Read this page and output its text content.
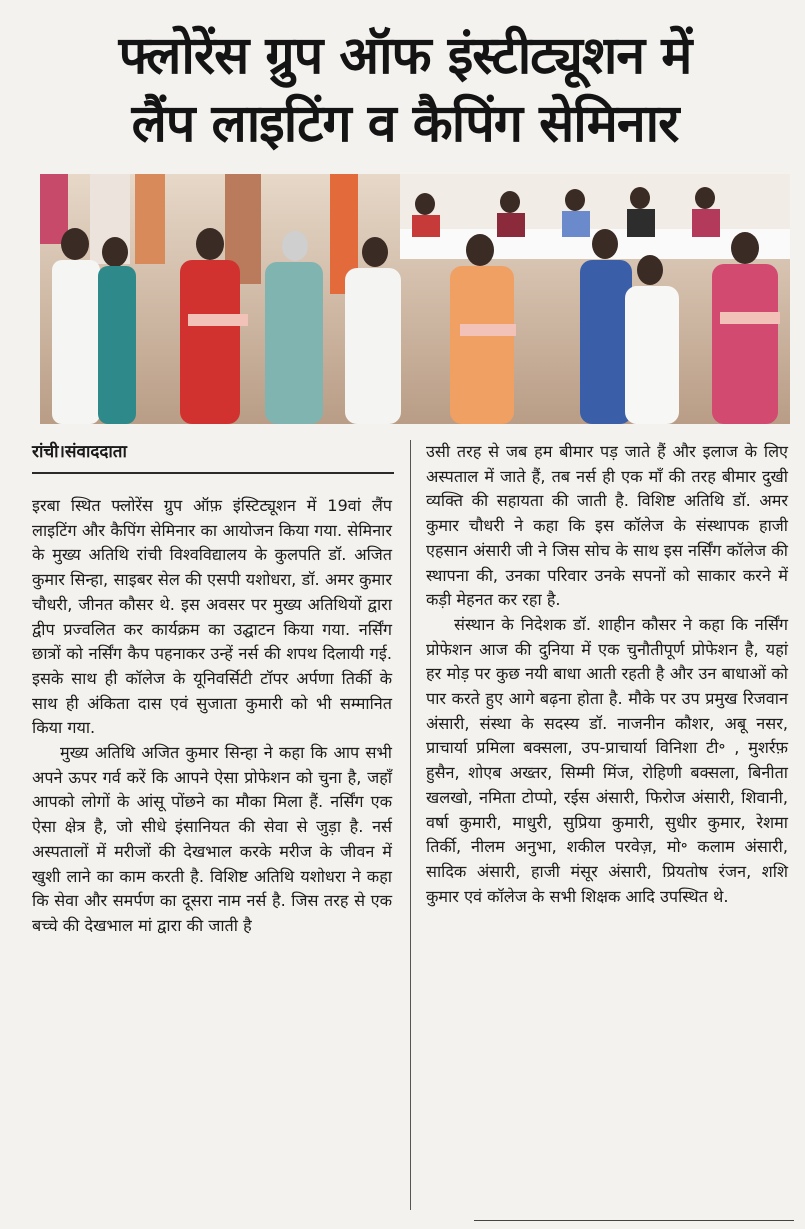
फ्लोरेंस ग्रुप ऑफ इंस्टीट्यूशन में
लैंप लाइटिंग व कैपिंग सेमिनार
रांची।संवाददाता

इरबा स्थित फ्लोरेंस ग्रुप ऑफ़ इंस्टिट्यूशन में 19वां लैंप लाइटिंग और कैपिंग सेमिनार का आयोजन किया गया. सेमिनार के मुख्य अतिथि रांची विश्वविद्यालय के कुलपति डॉ. अजित कुमार सिन्हा, साइबर सेल की एसपी यशोधरा, डॉ. अमर कुमार चौधरी, जीनत कौसर थे. इस अवसर पर मुख्य अतिथियों द्वारा द्वीप प्रज्वलित कर कार्यक्रम का उद्घाटन किया गया. नर्सिंग छात्रों को नर्सिंग कैप पहनाकर उन्हें नर्स की शपथ दिलायी गई. इसके साथ ही कॉलेज के यूनिवर्सिटी टॉपर अर्पणा तिर्की के साथ ही अंकिता दास एवं सुजाता कुमारी को भी सम्मानित किया गया.

मुख्य अतिथि अजित कुमार सिन्हा ने कहा कि आप सभी अपने ऊपर गर्व करें कि आपने ऐसा प्रोफेशन को चुना है, जहाँ आपको लोगों के आंसू पोंछने का मौका मिला हैं. नर्सिंग एक ऐसा क्षेत्र है, जो सीधे इंसानियत की सेवा से जुड़ा है. नर्स अस्पतालों में मरीजों की देखभाल करके मरीज के जीवन में खुशी लाने का काम करती है. विशिष्ट अतिथि यशोधरा ने कहा कि सेवा और समर्पण का दूसरा नाम नर्स है. जिस तरह से एक बच्चे की देखभाल मां द्वारा की जाती है

उसी तरह से जब हम बीमार पड़ जाते हैं और इलाज के लिए अस्पताल में जाते हैं, तब नर्स ही एक माँ की तरह बीमार दुखी व्यक्ति की सहायता की जाती है. विशिष्ट अतिथि डॉ. अमर कुमार चौधरी ने कहा कि इस कॉलेज के संस्थापक हाजी एहसान अंसारी जी ने जिस सोच के साथ इस नर्सिंग कॉलेज की स्थापना की, उनका परिवार उनके सपनों को साकार करने में कड़ी मेहनत कर रहा है.

संस्थान के निदेशक डॉ. शाहीन कौसर ने कहा कि नर्सिंग प्रोफेशन आज की दुनिया में एक चुनौतीपूर्ण प्रोफेशन है, यहां हर मोड़ पर कुछ नयी बाधा आती रहती है और उन बाधाओं को पार करते हुए आगे बढ़ना होता है. मौके पर उप प्रमुख रिजवान अंसारी, संस्था के सदस्य डॉ. नाजनीन कौशर, अबू नसर, प्राचार्या प्रमिला बक्सला, उप-प्राचार्या विनिशा टी॰ , मुशर्रफ़ हुसैन, शोएब अख्तर, सिम्मी मिंज, रोहिणी बक्सला, बिनीता खलखो, नमिता टोप्पो, रईस अंसारी, फिरोज अंसारी, शिवानी, वर्षा कुमारी, माधुरी, सुप्रिया कुमारी, सुधीर कुमार, रेशमा तिर्की, नीलम अनुभा, शकील परवेज़, मो॰ कलाम अंसारी, सादिक अंसारी, हाजी मंसूर अंसारी, प्रियतोष रंजन, शशि कुमार एवं कॉलेज के सभी शिक्षक आदि उपस्थित थे.
